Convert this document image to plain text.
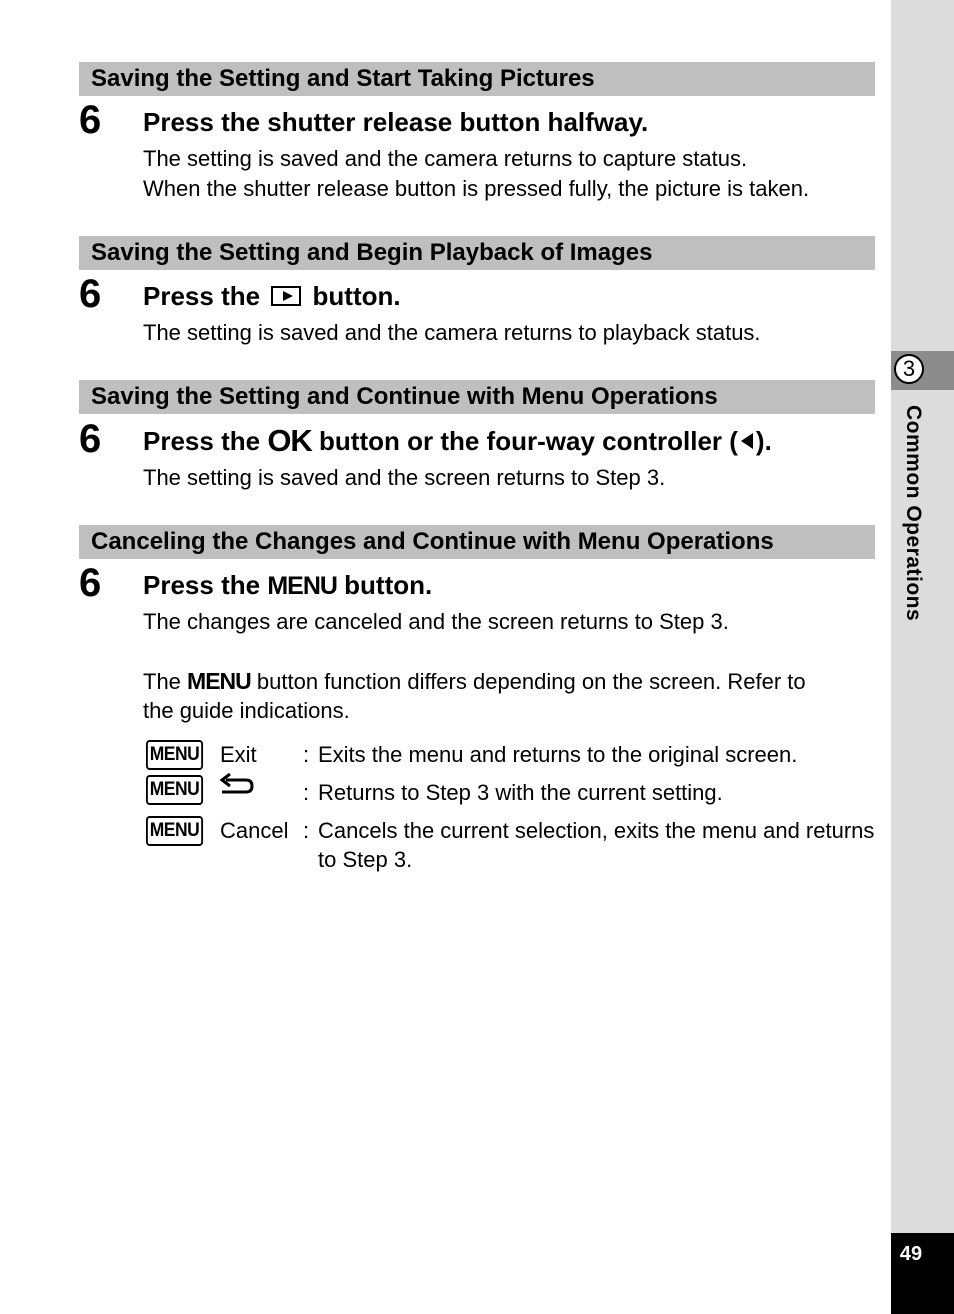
3
Common Operations
49
Saving the Setting and Start Taking Pictures
6 Press the shutter release button halfway.
The setting is saved and the camera returns to capture status.
When the shutter release button is pressed fully, the picture is taken.
Saving the Setting and Begin Playback of Images
6 Press the button.
The setting is saved and the camera returns to playback status.
Saving the Setting and Continue with Menu Operations
6 Press the OK button or the four-way controller ( ).
The setting is saved and the screen returns to Step 3.
Canceling the Changes and Continue with Menu Operations
6 Press the MENU button.
The changes are canceled and the screen returns to Step 3.
The MENU button function differs depending on the screen. Refer to
the guide indications.
MENU Exit : Exits the menu and returns to the original screen.
MENU	: Returns to Step 3 with the current setting.
MENU Cancel : Cancels the current selection, exits the menu and returns to Step 3.
